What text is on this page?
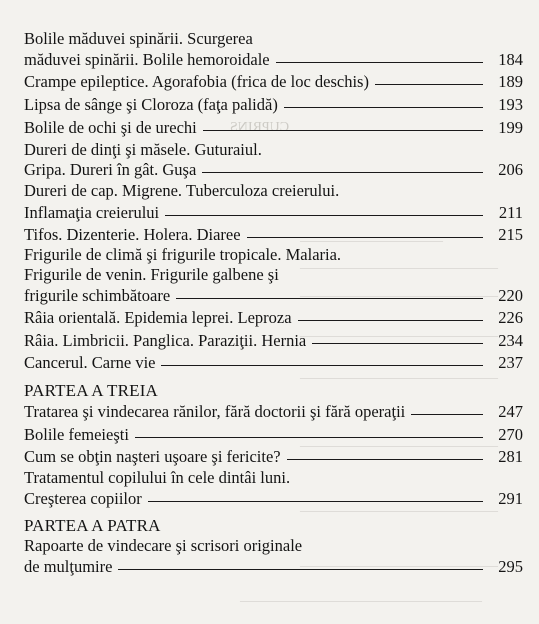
CUPRINS
—————————————
——————————————————
——————————————————
——————————————————
——————————————————
——————————————————
——————————————————
——————————————————
——————————————————————
Bolile măduvei spinării. Scurgerea
măduvei spinării. Bolile hemoroidale	184
Crampe epileptice. Agorafobia (frica de loc deschis)	189
Lipsa de sânge şi Cloroza (faţa palidă)	193
Bolile de ochi şi de urechi	199
Dureri de dinţi şi măsele. Guturaiul.
Gripa. Dureri în gât. Guşa	206
Dureri de cap. Migrene. Tuberculoza creierului.
Inflamaţia creierului	211
Tifos. Dizenterie. Holera. Diaree	215
Frigurile de climă şi frigurile tropicale. Malaria.
Frigurile de venin. Frigurile galbene şi
frigurile schimbătoare	220
Râia orientală. Epidemia leprei. Leproza	226
Râia. Limbricii. Panglica. Paraziţii. Hernia	234
Cancerul. Carne vie	237
PARTEA A TREIA
Tratarea şi vindecarea rănilor, fără doctorii şi fără operaţii	247
Bolile femeieşti	270
Cum se obţin naşteri uşoare şi fericite?	281
Tratamentul copilului în cele dintâi luni.
Creşterea copiilor	291
PARTEA A PATRA
Rapoarte de vindecare şi scrisori originale
de mulţumire	295
